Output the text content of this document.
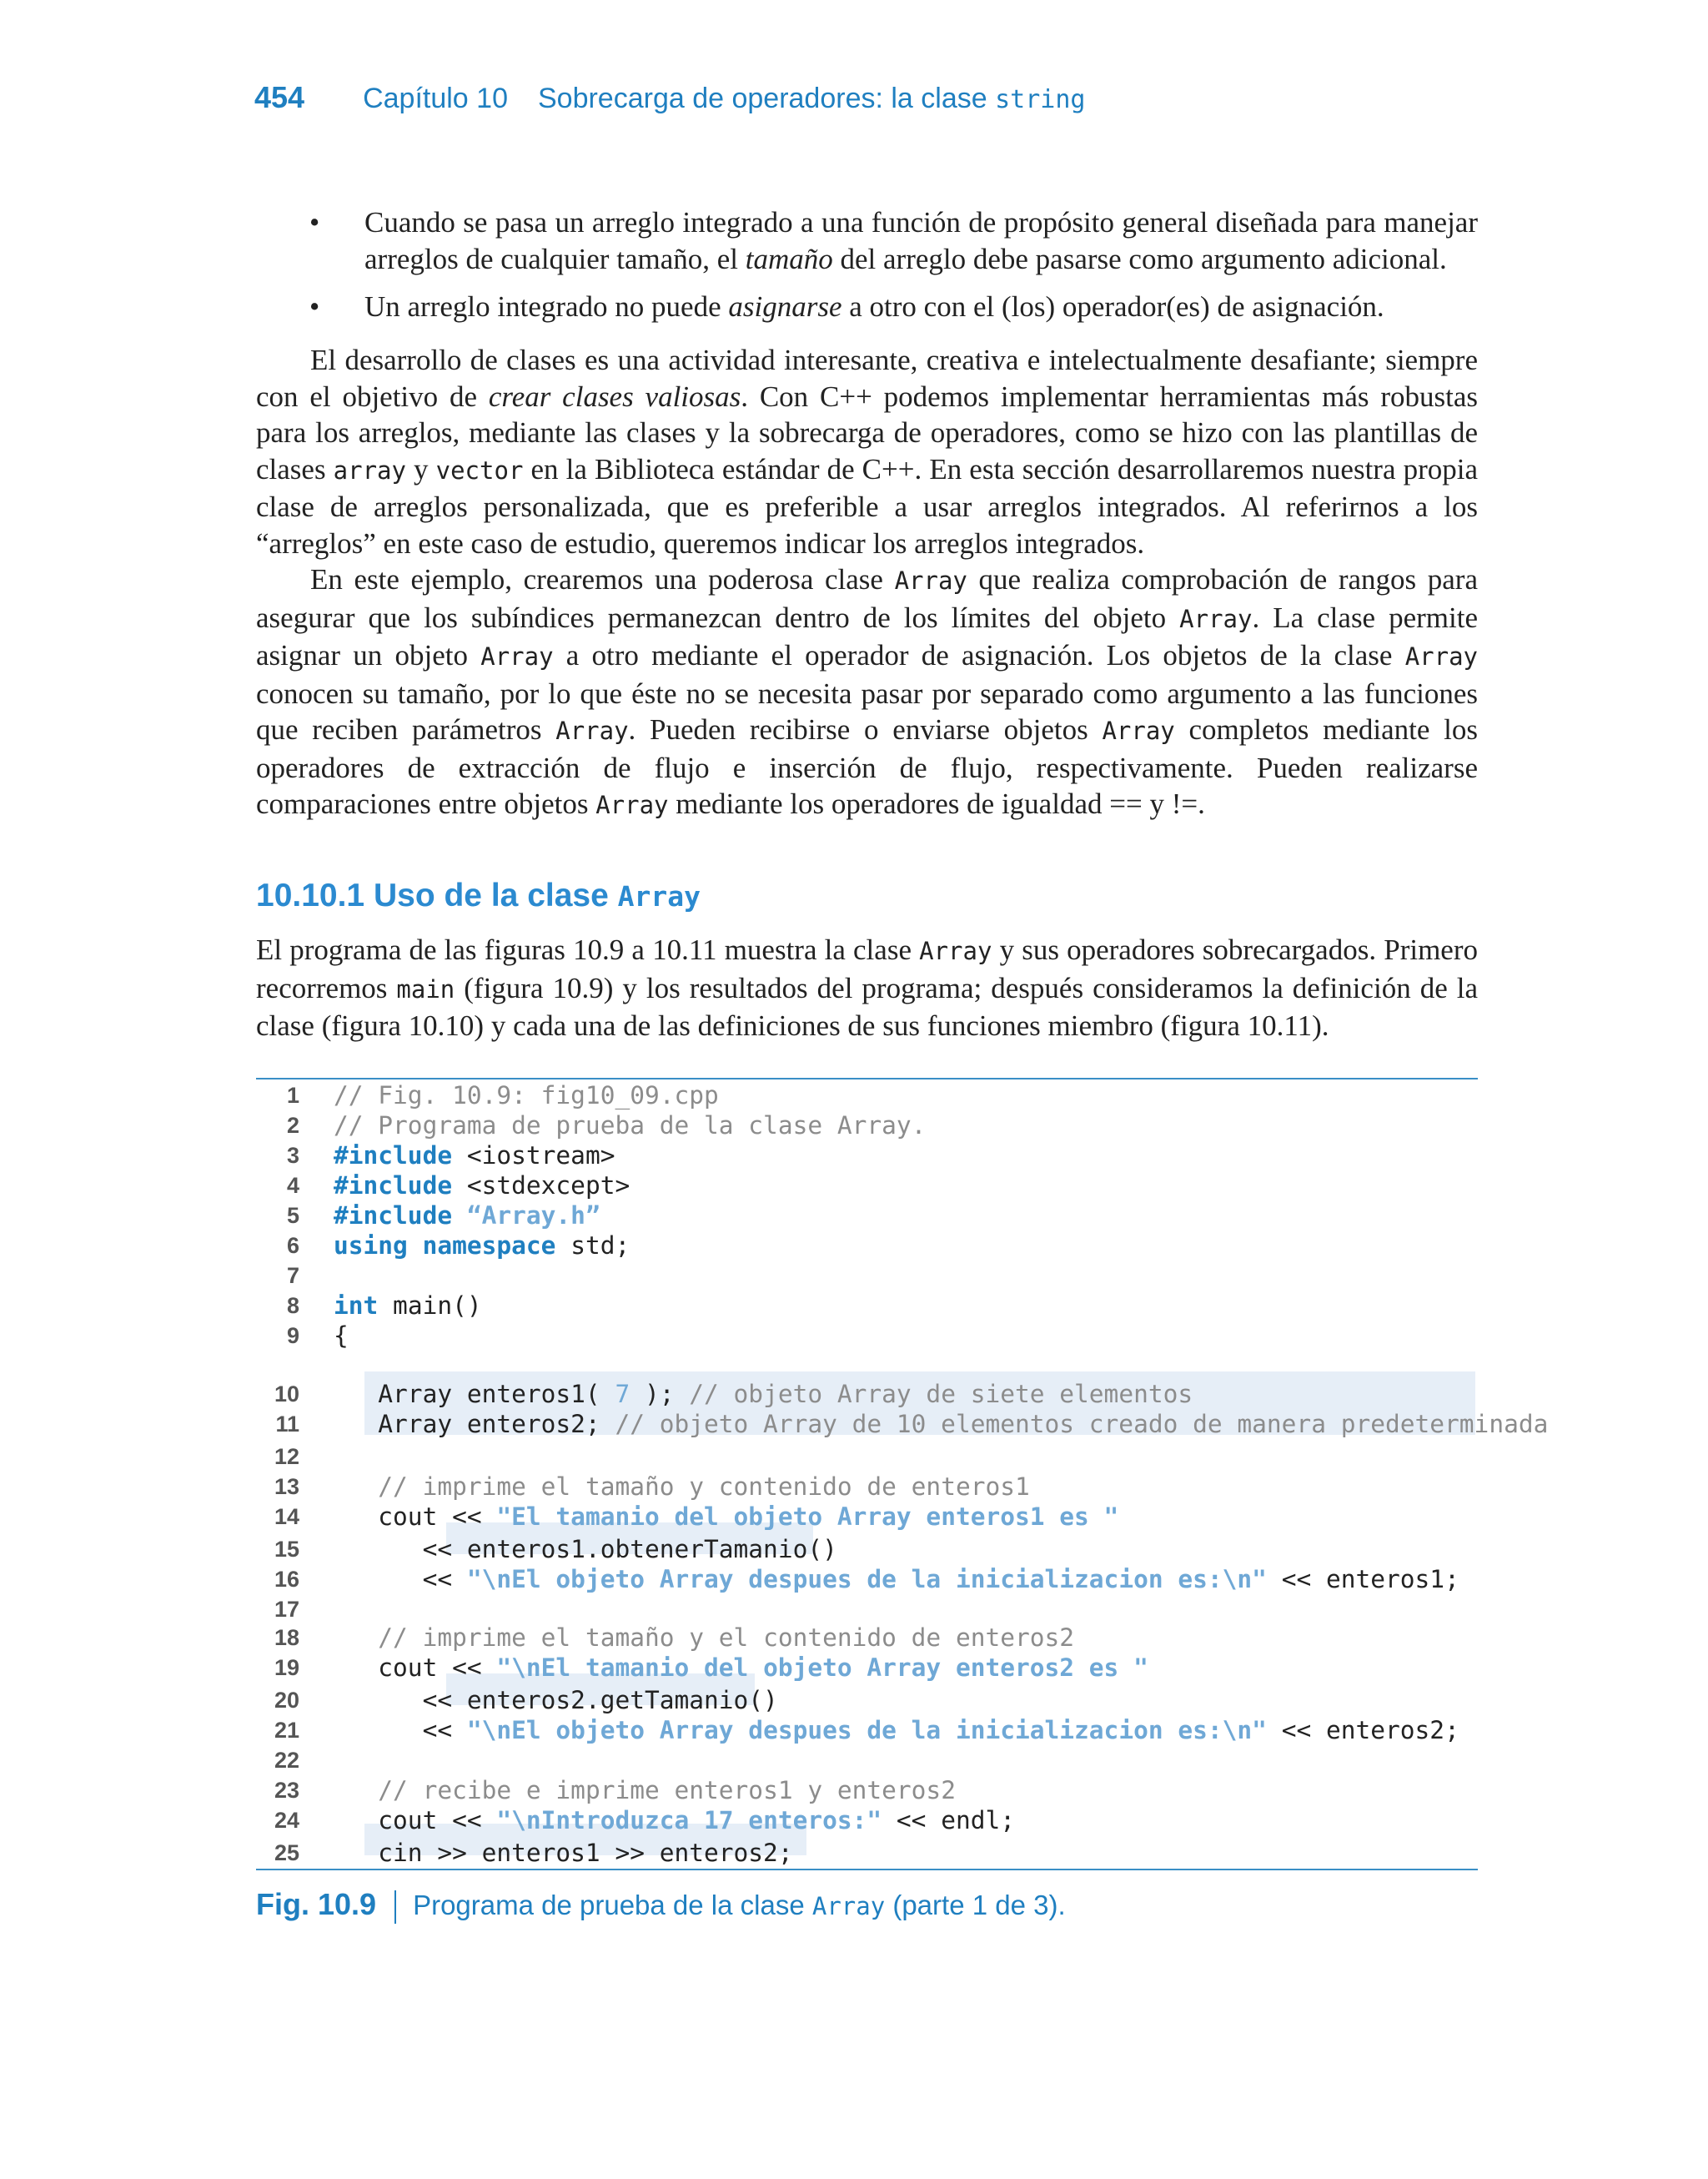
454 Capítulo 10 Sobrecarga de operadores: la clase string
• Cuando se pasa un arreglo integrado a una función de propósito general diseñada para manejar arreglos de cualquier tamaño, el tamaño del arreglo debe pasarse como argumento adicional.
• Un arreglo integrado no puede asignarse a otro con el (los) operador(es) de asignación.

El desarrollo de clases es una actividad interesante, creativa e intelectualmente desafiante; siempre con el objetivo de crear clases valiosas. Con C++ podemos implementar herramientas más robustas para los arreglos, mediante las clases y la sobrecarga de operadores, como se hizo con las plantillas de clases array y vector en la Biblioteca estándar de C++. En esta sección desarrollaremos nuestra propia clase de arreglos personalizada, que es preferible a usar arreglos integrados. Al referirnos a los “arreglos” en este caso de estudio, queremos indicar los arreglos integrados.

En este ejemplo, crearemos una poderosa clase Array que realiza comprobación de rangos para asegurar que los subíndices permanezcan dentro de los límites del objeto Array. La clase permite asignar un objeto Array a otro mediante el operador de asignación. Los objetos de la clase Array conocen su tamaño, por lo que éste no se necesita pasar por separado como argumento a las funciones que reciben parámetros Array. Pueden recibirse o enviarse objetos Array completos mediante los operadores de extracción de flujo e inserción de flujo, respectivamente. Pueden realizarse comparaciones entre objetos Array mediante los operadores de igualdad == y !=.

10.10.1 Uso de la clase Array

El programa de las figuras 10.9 a 10.11 muestra la clase Array y sus operadores sobrecargados. Primero recorremos main (figura 10.9) y los resultados del programa; después consideramos la definición de la clase (figura 10.10) y cada una de las definiciones de sus funciones miembro (figura 10.11).

1 // Fig. 10.9: fig10_09.cpp
2 // Programa de prueba de la clase Array.
3 #include <iostream>
4 #include <stdexcept>
5 #include “Array.h”
6 using namespace std;
7
8 int main()
9 {
10 Array enteros1( 7 ); // objeto Array de siete elementos
11 Array enteros2; // objeto Array de 10 elementos creado de manera predeterminada
12
13	// imprime el tamaño y contenido de enteros1
14 cout << "El tamanio del objeto Array enteros1 es "
15 << enteros1.obtenerTamanio()
16 << "\nEl objeto Array despues de la inicializacion es:\n" << enteros1;
17
18	// imprime el tamaño y el contenido de enteros2
19 cout << "\nEl tamanio del objeto Array enteros2 es "
20 << enteros2.getTamanio()
21 << "\nEl objeto Array despues de la inicializacion es:\n" << enteros2;
22
23	// recibe e imprime enteros1 y enteros2
24 cout << "\nIntroduzca 17 enteros:" << endl;
25 cin >> enteros1 >> enteros2;
Fig. 10.9 Programa de prueba de la clase Array (parte 1 de 3).
